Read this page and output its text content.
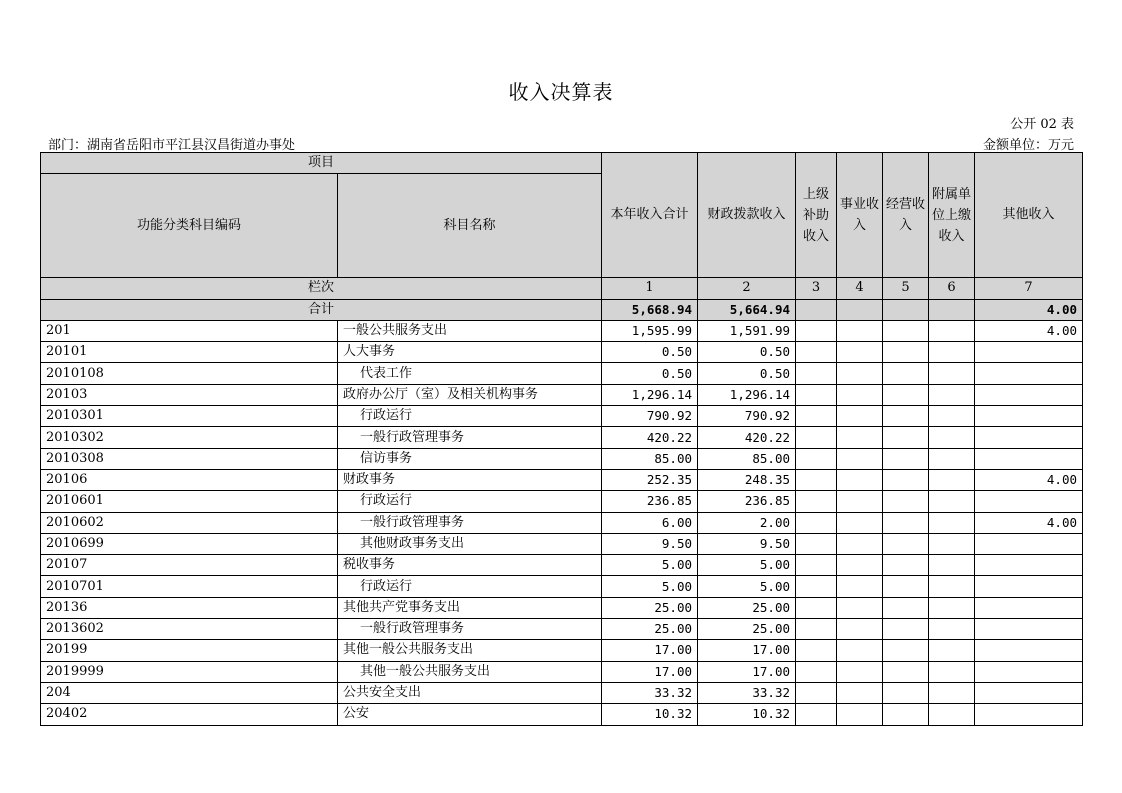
收入决算表
公开 02 表
部门：湖南省岳阳市平江县汉昌街道办事处	金额单位：万元
项目		本年收入合计	财政拨款收入	上级补助收入	事业收入	经营收入	附属单位上缴收入	其他收入
功能分类科目编码	科目名称							
栏次		1	2	3	4	5	6	7
合计		5,668.94	5,664.94					4.00
201	一般公共服务支出	1,595.99	1,591.99					4.00
20101	人大事务	0.50	0.50					
2010108	代表工作	0.50	0.50					
20103	政府办公厅（室）及相关机构事务	1,296.14	1,296.14					
2010301	行政运行	790.92	790.92					
2010302	一般行政管理事务	420.22	420.22					
2010308	信访事务	85.00	85.00					
20106	财政事务	252.35	248.35					4.00
2010601	行政运行	236.85	236.85					
2010602	一般行政管理事务	6.00	2.00					4.00
2010699	其他财政事务支出	9.50	9.50					
20107	税收事务	5.00	5.00					
2010701	行政运行	5.00	5.00					
20136	其他共产党事务支出	25.00	25.00					
2013602	一般行政管理事务	25.00	25.00					
20199	其他一般公共服务支出	17.00	17.00					
2019999	其他一般公共服务支出	17.00	17.00					
204	公共安全支出	33.32	33.32					
20402	公安	10.32	10.32					
